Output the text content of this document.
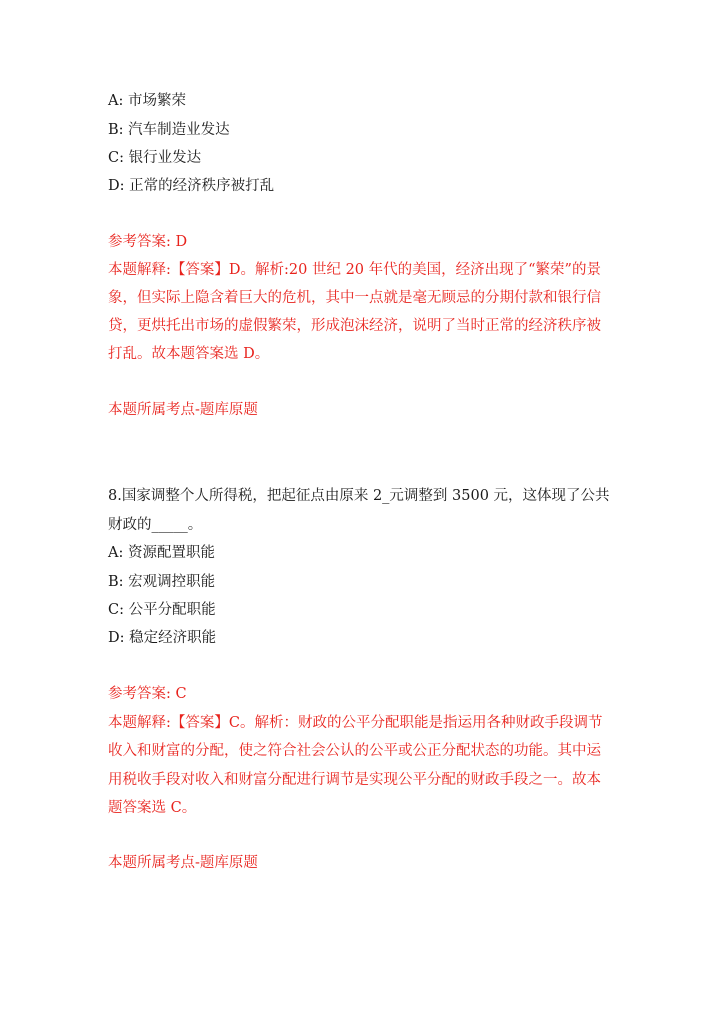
A: 市场繁荣
B: 汽车制造业发达
C: 银行业发达
D: 正常的经济秩序被打乱
参考答案: D
本题解释:【答案】D。解析:20 世纪 20 年代的美国，经济出现了“繁荣”的景
象，但实际上隐含着巨大的危机，其中一点就是毫无顾忌的分期付款和银行信
贷，更烘托出市场的虚假繁荣，形成泡沫经济，说明了当时正常的经济秩序被
打乱。故本题答案选 D。
本题所属考点-题库原题
8.国家调整个人所得税，把起征点由原来 2_元调整到 3500 元，这体现了公共
财政的_____。
A: 资源配置职能
B: 宏观调控职能
C: 公平分配职能
D: 稳定经济职能
参考答案: C
本题解释:【答案】C。解析：财政的公平分配职能是指运用各种财政手段调节
收入和财富的分配，使之符合社会公认的公平或公正分配状态的功能。其中运
用税收手段对收入和财富分配进行调节是实现公平分配的财政手段之一。故本
题答案选 C。
本题所属考点-题库原题
